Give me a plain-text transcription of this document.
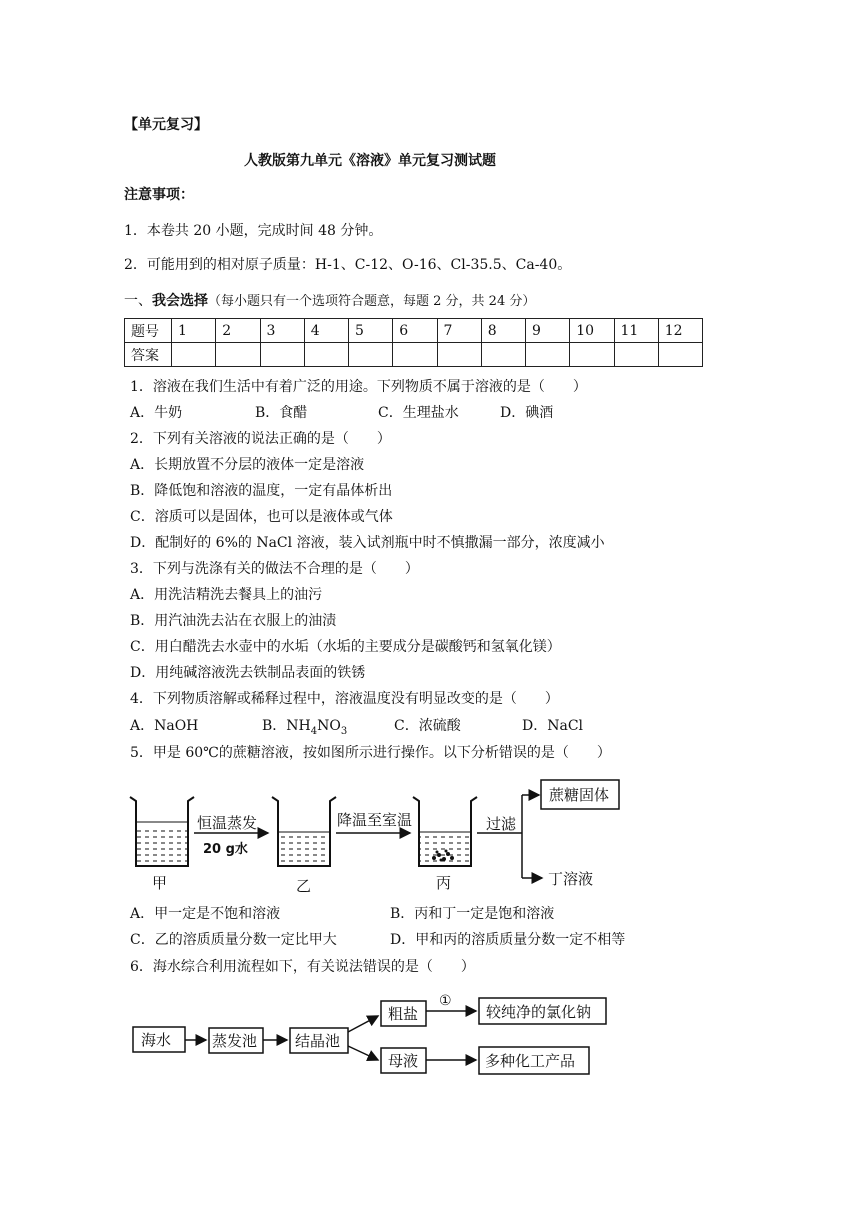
【单元复习】
人教版第九单元《溶液》单元复习测试题
注意事项：
1．本卷共 20 小题，完成时间 48 分钟。
2．可能用到的相对原子质量：H-1、C-12、O-16、Cl-35.5、Ca-40。
一、我会选择（每小题只有一个选项符合题意，每题 2 分，共 24 分）
题号	1	2	3	4	5	6	7	8	9	10	11	12
答案												
1．溶液在我们生活中有着广泛的用途。下列物质不属于溶液的是（　　）
A．牛奶	B．食醋	C．生理盐水	D．碘酒
2．下列有关溶液的说法正确的是（　　）
A．长期放置不分层的液体一定是溶液
B．降低饱和溶液的温度，一定有晶体析出
C．溶质可以是固体，也可以是液体或气体
D．配制好的 6%的 NaCl 溶液，装入试剂瓶中时不慎撒漏一部分，浓度减小
3．下列与洗涤有关的做法不合理的是（　　）
A．用洗洁精洗去餐具上的油污
B．用汽油洗去沾在衣服上的油渍
C．用白醋洗去水壶中的水垢（水垢的主要成分是碳酸钙和氢氧化镁）
D．用纯碱溶液洗去铁制品表面的铁锈
4．下列物质溶解或稀释过程中，溶液温度没有明显改变的是（　　）
A．NaOH	B．$NH_4NO_3$	C．浓硫酸	D．NaCl
5．甲是 60℃的蔗糖溶液，按如图所示进行操作。以下分析错误的是（　　）
恒温蒸发
20 g水
降温至室温	过滤
蔗糖固体
丁溶液
甲	乙	丙
A．甲一定是不饱和溶液	B．丙和丁一定是饱和溶液
C．乙的溶质质量分数一定比甲大	D．甲和丙的溶质质量分数一定不相等
6．海水综合利用流程如下，有关说法错误的是（　　）
海水	蒸发池	结晶池
粗盐
母液
较纯净的氯化钠
多种化工产品
①
